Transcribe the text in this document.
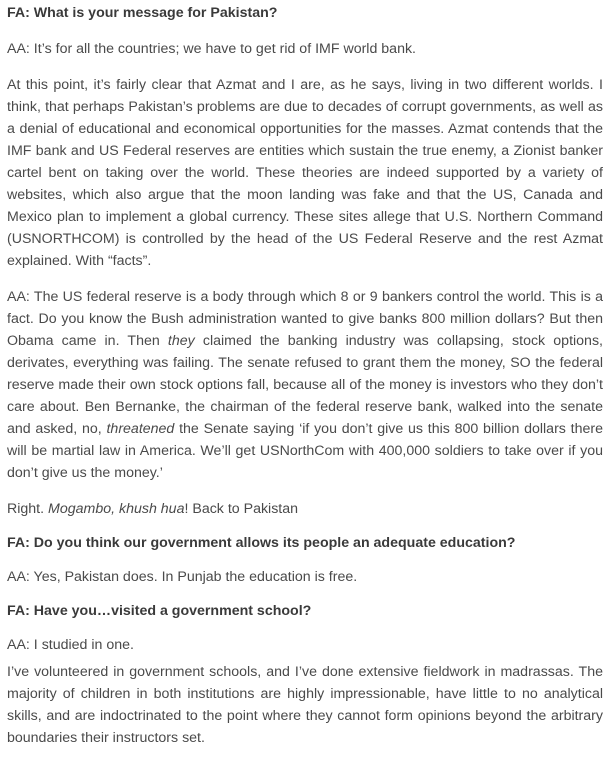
FA: What is your message for Pakistan?

AA: It’s for all the countries; we have to get rid of IMF world bank.

At this point, it’s fairly clear that Azmat and I are, as he says, living in two different worlds. I think, that perhaps Pakistan’s problems are due to decades of corrupt governments, as well as a denial of educational and economical opportunities for the masses. Azmat contends that the IMF bank and US Federal reserves are entities which sustain the true enemy, a Zionist banker cartel bent on taking over the world. These theories are indeed supported by a variety of websites, which also argue that the moon landing was fake and that the US, Canada and Mexico plan to implement a global currency. These sites allege that U.S. Northern Command (USNORTHCOM) is controlled by the head of the US Federal Reserve and the rest Azmat explained. With “facts”.

AA: The US federal reserve is a body through which 8 or 9 bankers control the world. This is a fact. Do you know the Bush administration wanted to give banks 800 million dollars? But then Obama came in. Then they claimed the banking industry was collapsing, stock options, derivates, everything was failing. The senate refused to grant them the money, SO the federal reserve made their own stock options fall, because all of the money is investors who they don’t care about. Ben Bernanke, the chairman of the federal reserve bank, walked into the senate and asked, no, threatened the Senate saying ‘if you don’t give us this 800 billion dollars there will be martial law in America. We’ll get USNorthCom with 400,000 soldiers to take over if you don’t give us the money.’

Right. Mogambo, khush hua! Back to Pakistan

FA: Do you think our government allows its people an adequate education?

AA: Yes, Pakistan does. In Punjab the education is free.

FA: Have you…visited a government school?

AA: I studied in one.

I’ve volunteered in government schools, and I’ve done extensive fieldwork in madrassas. The majority of children in both institutions are highly impressionable, have little to no analytical skills, and are indoctrinated to the point where they cannot form opinions beyond the arbitrary boundaries their instructors set.
